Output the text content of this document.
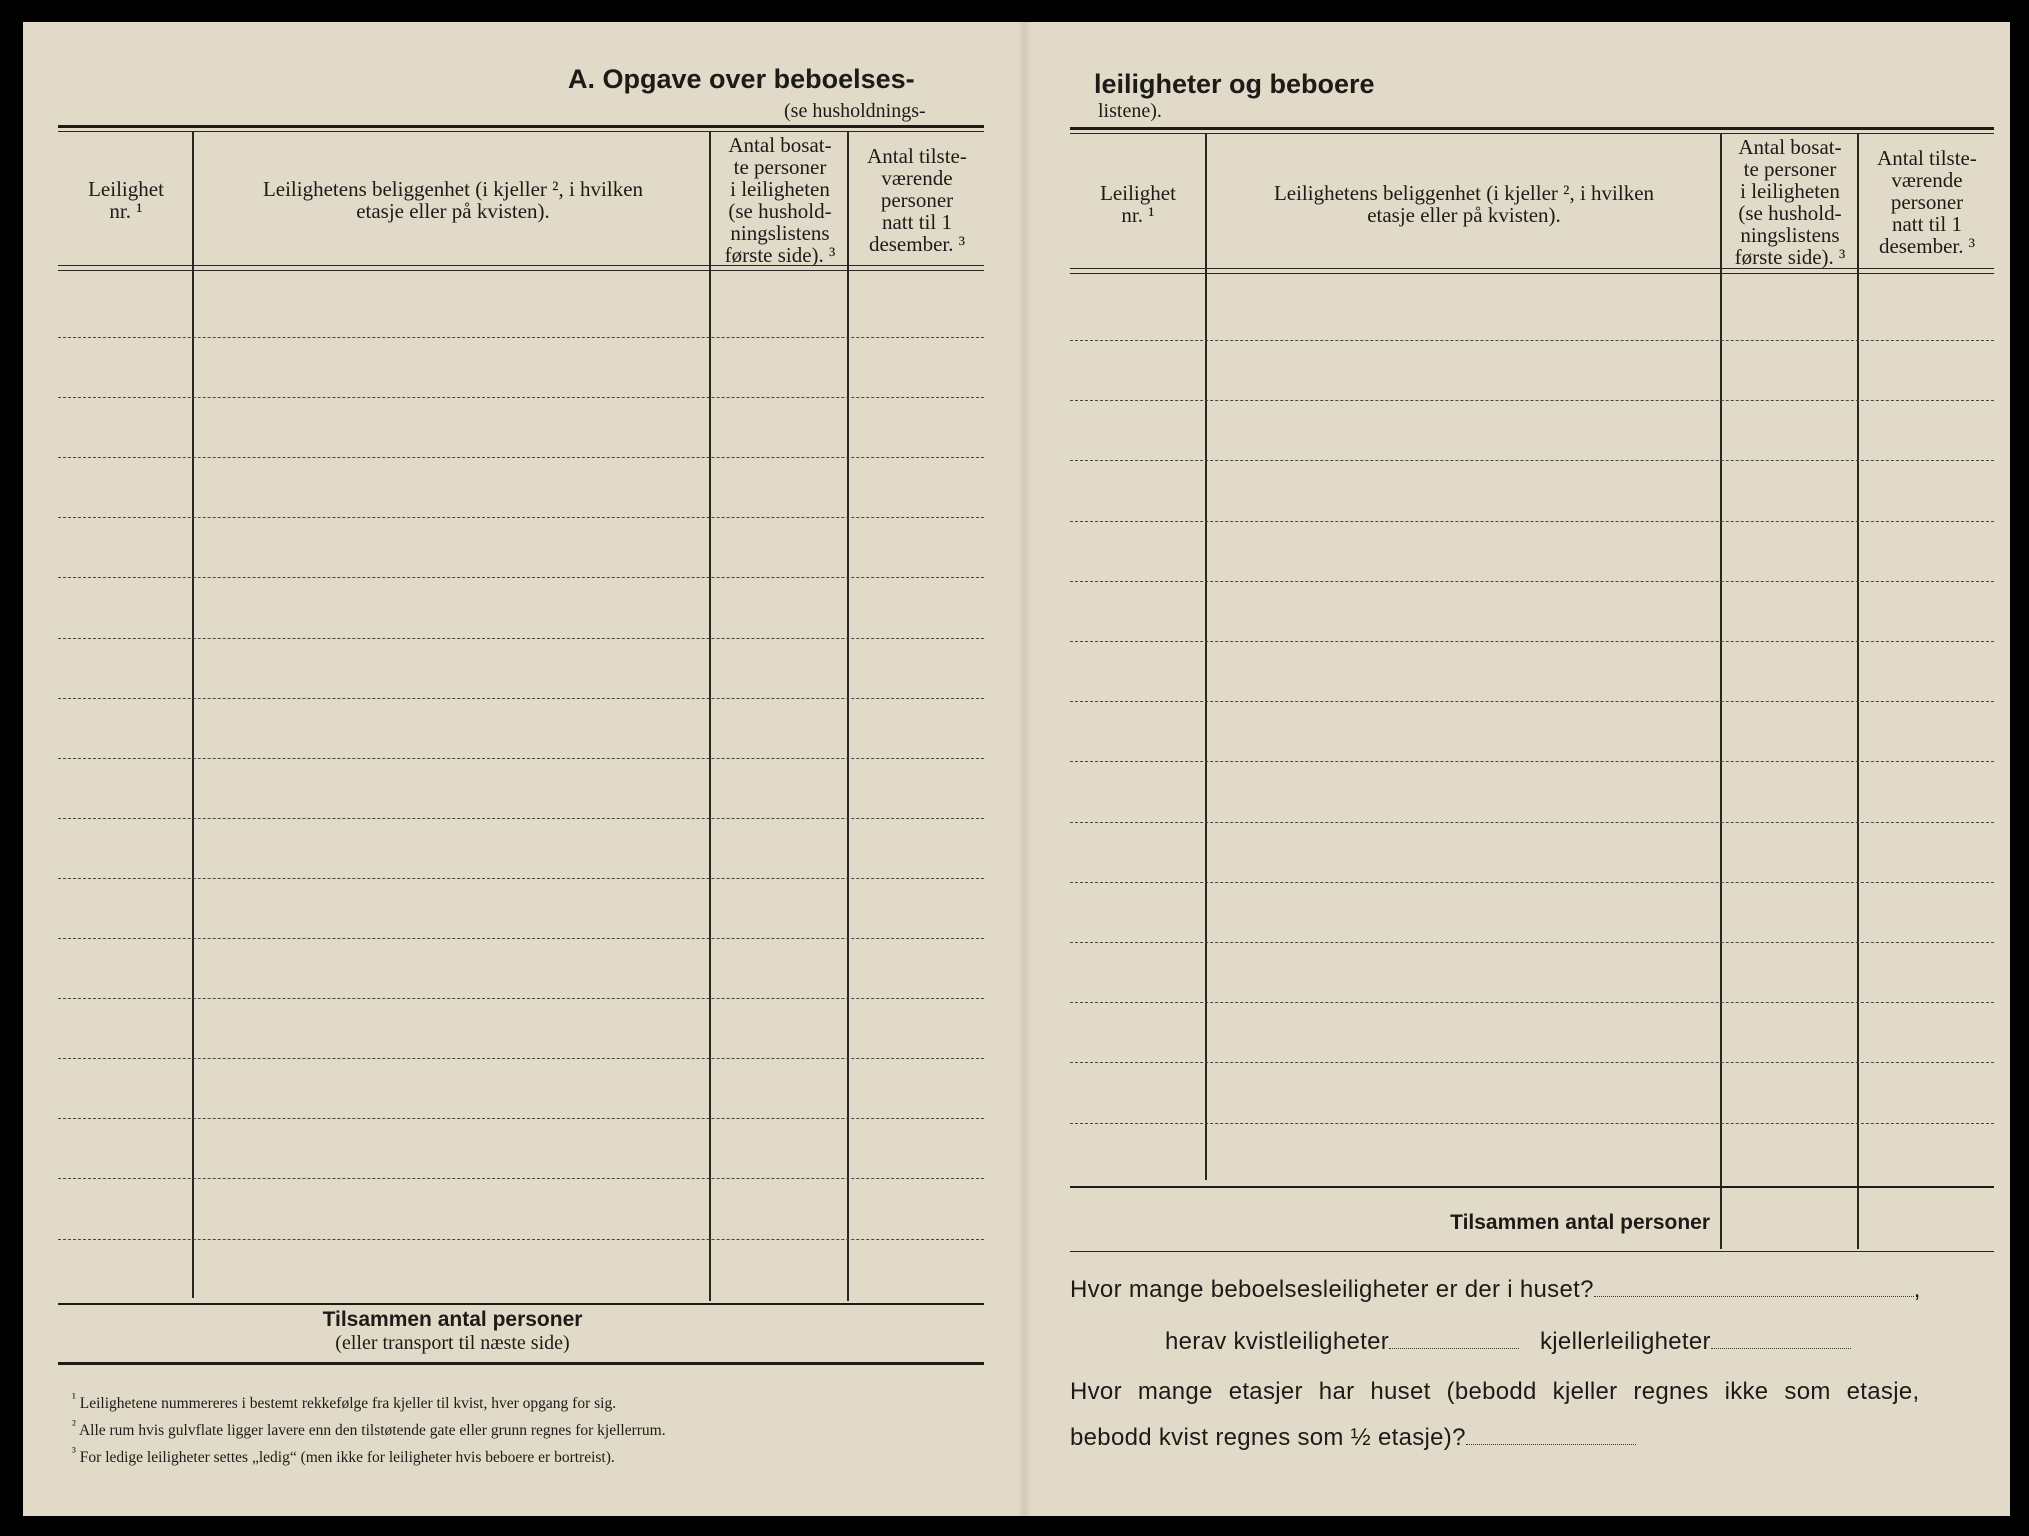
A. Opgave over beboelses-
(se husholdnings-
Leilighet
nr. ¹
Leilighetens beliggenhet (i kjeller ², i hvilken
etasje eller på kvisten).
Antal bosat-
te personer
i leiligheten
(se hushold-
ningslistens
første side). ³
Antal tilste-
værende
personer
natt til 1
desember. ³
Tilsammen antal personer
(eller transport til næste side)
$^{^1}$ Leilighetene nummereres i bestemt rekkefølge fra kjeller til kvist, hver opgang for sig.
$^{^2}$ Alle rum hvis gulvflate ligger lavere enn den tilstøtende gate eller grunn regnes for kjellerrum.
$^{^3}$ For ledige leiligheter settes „ledig“ (men ikke for leiligheter hvis beboere er bortreist).
leiligheter og beboere
listene).
Leilighet
nr. ¹
Leilighetens beliggenhet (i kjeller ², i hvilken
etasje eller på kvisten).
Antal bosat-
te personer
i leiligheten
(se hushold-
ningslistens
første side). ³
Antal tilste-
værende
personer
natt til 1
desember. ³
Tilsammen antal personer
Hvor mange beboelsesleiligheter er der i huset?	,
herav kvistleiligheter	kjellerleiligheter
Hvor mange etasjer har huset (bebodd kjeller regnes ikke som etasje,
bebodd kvist regnes som ½ etasje)?
